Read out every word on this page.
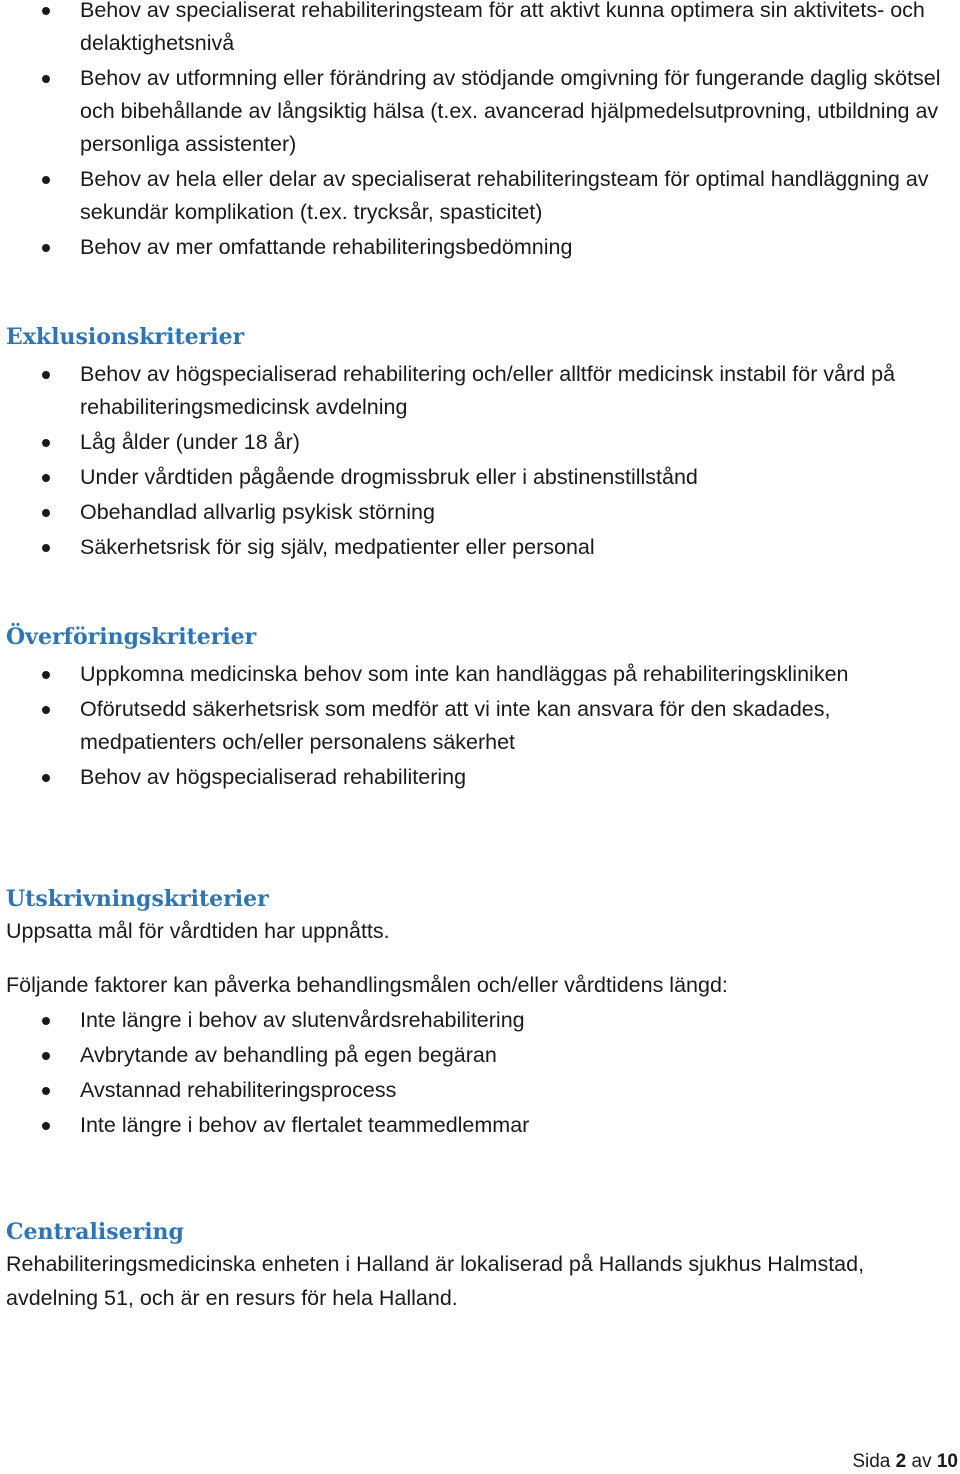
Behov av specialiserat rehabiliteringsteam för att aktivt kunna optimera sin aktivitets- och delaktighetsnivå
Behov av utformning eller förändring av stödjande omgivning för fungerande daglig skötsel och bibehållande av långsiktig hälsa (t.ex. avancerad hjälpmedelsutprovning, utbildning av personliga assistenter)
Behov av hela eller delar av specialiserat rehabiliteringsteam för optimal handläggning av sekundär komplikation (t.ex. trycksår, spasticitet)
Behov av mer omfattande rehabiliteringsbedömning
Exklusionskriterier
Behov av högspecialiserad rehabilitering och/eller alltför medicinsk instabil för vård på rehabiliteringsmedicinsk avdelning
Låg ålder (under 18 år)
Under vårdtiden pågående drogmissbruk eller i abstinenstillstånd
Obehandlad allvarlig psykisk störning
Säkerhetsrisk för sig själv, medpatienter eller personal
Överföringskriterier
Uppkomna medicinska behov som inte kan handläggas på rehabiliteringskliniken
Oförutsedd säkerhetsrisk som medför att vi inte kan ansvara för den skadades, medpatienters och/eller personalens säkerhet
Behov av högspecialiserad rehabilitering
Utskrivningskriterier

Uppsatta mål för vårdtiden har uppnåtts.

Följande faktorer kan påverka behandlingsmålen och/eller vårdtidens längd:

Inte längre i behov av slutenvårdsrehabilitering
Avbrytande av behandling på egen begäran
Avstannad rehabiliteringsprocess
Inte längre i behov av flertalet teammedlemmar
Centralisering

Rehabiliteringsmedicinska enheten i Halland är lokaliserad på Hallands sjukhus Halmstad, avdelning 51, och är en resurs för hela Halland.

Sida 2 av 10
